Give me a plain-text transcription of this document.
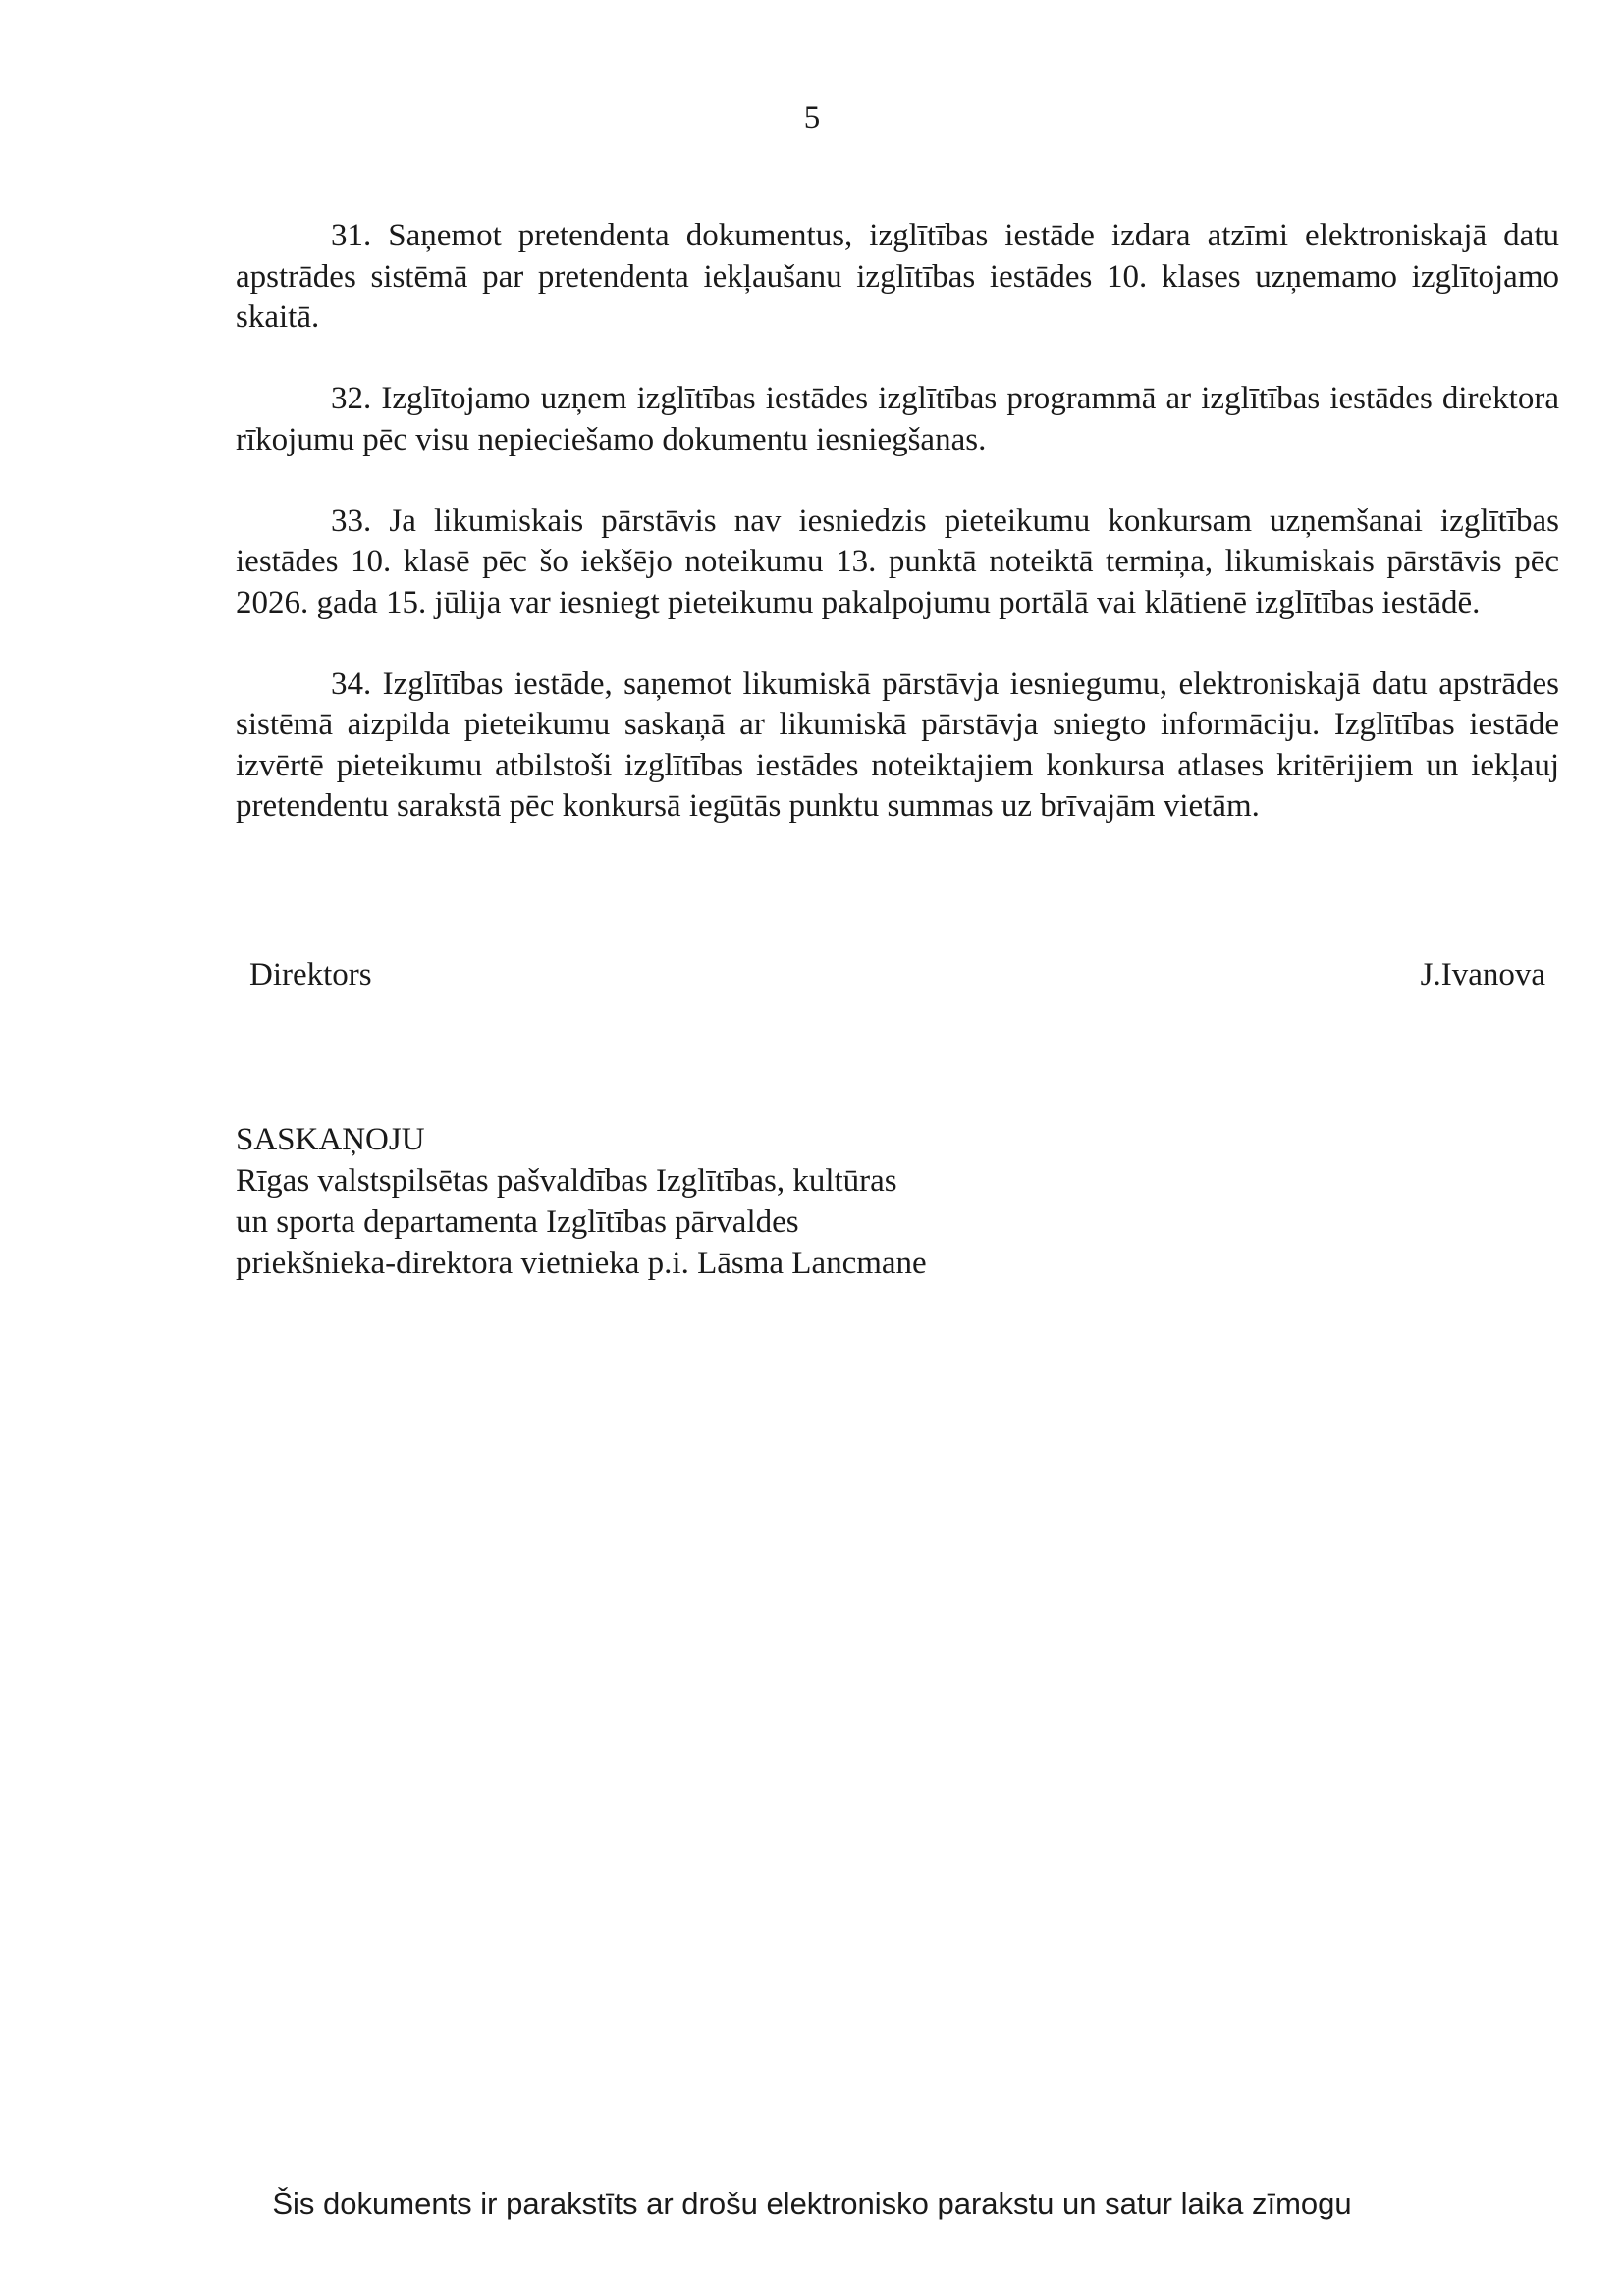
5

31. Saņemot pretendenta dokumentus, izglītības iestāde izdara atzīmi elektroniskajā datu apstrādes sistēmā par pretendenta iekļaušanu izglītības iestādes 10. klases uzņemamo izglītojamo skaitā.

32. Izglītojamo uzņem izglītības iestādes izglītības programmā ar izglītības iestādes direktora rīkojumu pēc visu nepieciešamo dokumentu iesniegšanas.

33. Ja likumiskais pārstāvis nav iesniedzis pieteikumu konkursam uzņemšanai izglītības iestādes 10. klasē pēc šo iekšējo noteikumu 13. punktā noteiktā termiņa, likumiskais pārstāvis pēc 2026. gada 15. jūlija var iesniegt pieteikumu pakalpojumu portālā vai klātienē izglītības iestādē.

34. Izglītības iestāde, saņemot likumiskā pārstāvja iesniegumu, elektroniskajā datu apstrādes sistēmā aizpilda pieteikumu saskaņā ar likumiskā pārstāvja sniegto informāciju. Izglītības iestāde izvērtē pieteikumu atbilstoši izglītības iestādes noteiktajiem konkursa atlases kritērijiem un iekļauj pretendentu sarakstā pēc konkursā iegūtās punktu summas uz brīvajām vietām.

Direktors	J.Ivanova
SASKAŅOJU
Rīgas valstspilsētas pašvaldības Izglītības, kultūras
un sporta departamenta Izglītības pārvaldes
priekšnieka-direktora vietnieka p.i. Lāsma Lancmane
Šis dokuments ir parakstīts ar drošu elektronisko parakstu un satur laika zīmogu
